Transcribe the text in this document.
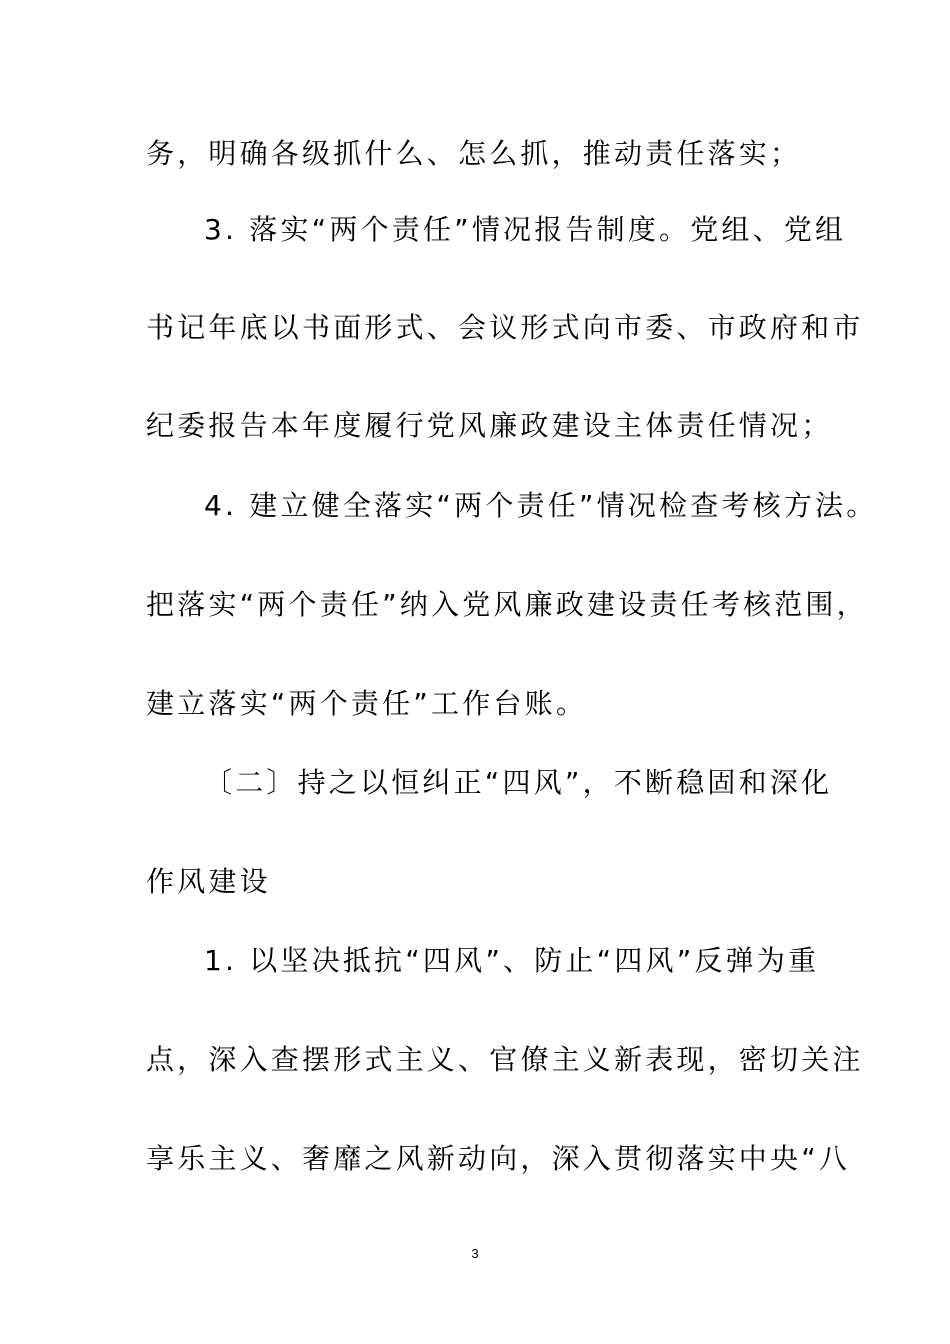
务，明确各级抓什么、怎么抓，推动责任落实；
3. 落实“两个责任”情况报告制度。党组、党组
书记年底以书面形式、会议形式向市委、市政府和市
纪委报告本年度履行党风廉政建设主体责任情况；
4. 建立健全落实“两个责任”情况检查考核方法。
把落实“两个责任”纳入党风廉政建设责任考核范围，
建立落实“两个责任”工作台账。
〔二〕持之以恒纠正“四风”，不断稳固和深化
作风建设
1. 以坚决抵抗“四风”、防止“四风”反弹为重
点，深入查摆形式主义、官僚主义新表现，密切关注
享乐主义、奢靡之风新动向，深入贯彻落实中央“八
3
